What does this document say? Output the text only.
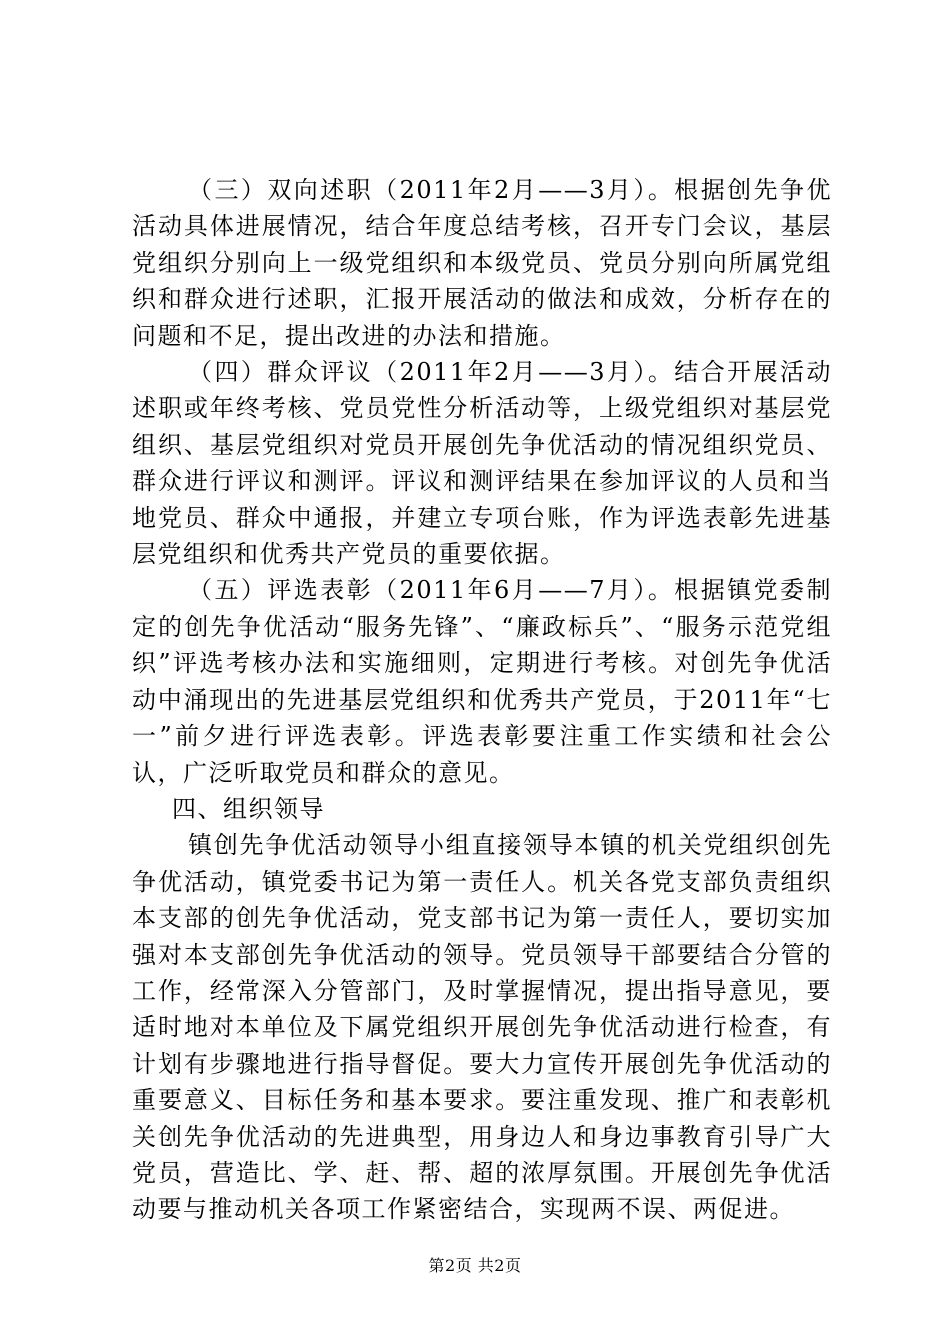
（三）双向述职（2011年2月——3月）。根据创先争优活动具体进展情况，结合年度总结考核，召开专门会议，基层党组织分别向上一级党组织和本级党员、党员分别向所属党组织和群众进行述职，汇报开展活动的做法和成效，分析存在的问题和不足，提出改进的办法和措施。

（四）群众评议（2011年2月——3月）。结合开展活动述职或年终考核、党员党性分析活动等，上级党组织对基层党组织、基层党组织对党员开展创先争优活动的情况组织党员、群众进行评议和测评。评议和测评结果在参加评议的人员和当地党员、群众中通报，并建立专项台账，作为评选表彰先进基层党组织和优秀共产党员的重要依据。

（五）评选表彰（2011年6月——7月）。根据镇党委制定的创先争优活动“服务先锋”、“廉政标兵”、“服务示范党组织”评选考核办法和实施细则，定期进行考核。对创先争优活动中涌现出的先进基层党组织和优秀共产党员，于2011年“七一”前夕进行评选表彰。评选表彰要注重工作实绩和社会公认，广泛听取党员和群众的意见。

四、组织领导

镇创先争优活动领导小组直接领导本镇的机关党组织创先争优活动，镇党委书记为第一责任人。机关各党支部负责组织本支部的创先争优活动，党支部书记为第一责任人，要切实加强对本支部创先争优活动的领导。党员领导干部要结合分管的工作，经常深入分管部门，及时掌握情况，提出指导意见，要适时地对本单位及下属党组织开展创先争优活动进行检查，有计划有步骤地进行指导督促。要大力宣传开展创先争优活动的重要意义、目标任务和基本要求。要注重发现、推广和表彰机关创先争优活动的先进典型，用身边人和身边事教育引导广大党员，营造比、学、赶、帮、超的浓厚氛围。开展创先争优活动要与推动机关各项工作紧密结合，实现两不误、两促进。

第2页 共2页
